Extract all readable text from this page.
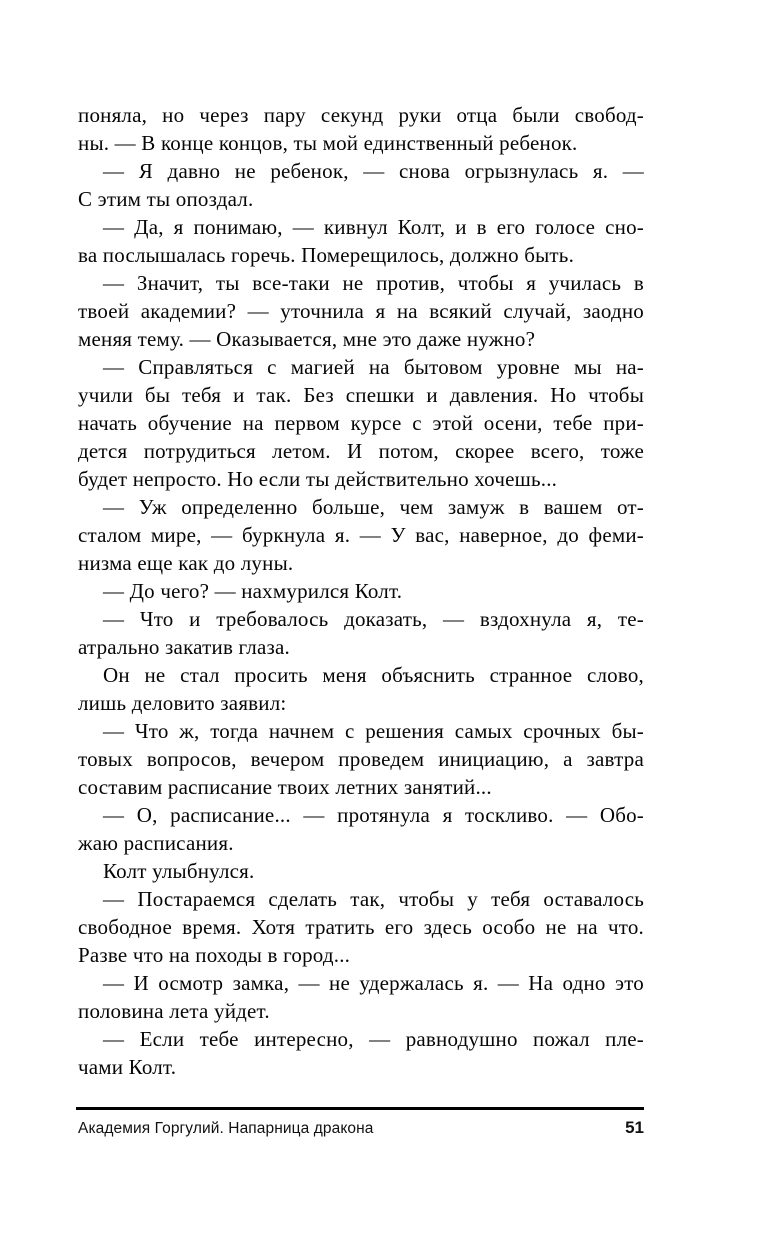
поняла, но через пару секунд руки отца были свобод-
ны. — В конце концов, ты мой единственный ребенок.
— Я давно не ребенок, — снова огрызнулась я. —
С этим ты опоздал.
— Да, я понимаю, — кивнул Колт, и в его голосе сно-
ва послышалась горечь. Померещилось, должно быть.
— Значит, ты все-таки не против, чтобы я училась в
твоей академии? — уточнила я на всякий случай, заодно
меняя тему. — Оказывается, мне это даже нужно?
— Справляться с магией на бытовом уровне мы на-
учили бы тебя и так. Без спешки и давления. Но чтобы
начать обучение на первом курсе с этой осени, тебе при-
дется потрудиться летом. И потом, скорее всего, тоже
будет непросто. Но если ты действительно хочешь...
— Уж определенно больше, чем замуж в вашем от-
сталом мире, — буркнула я. — У вас, наверное, до феми-
низма еще как до луны.
— До чего? — нахмурился Колт.
— Что и требовалось доказать, — вздохнула я, те-
атрально закатив глаза.
Он не стал просить меня объяснить странное слово,
лишь деловито заявил:
— Что ж, тогда начнем с решения самых срочных бы-
товых вопросов, вечером проведем инициацию, а завтра
составим расписание твоих летних занятий...
— О, расписание... — протянула я тоскливо. — Обо-
жаю расписания.
Колт улыбнулся.
— Постараемся сделать так, чтобы у тебя оставалось
свободное время. Хотя тратить его здесь особо не на что.
Разве что на походы в город...
— И осмотр замка, — не удержалась я. — На одно это
половина лета уйдет.
— Если тебе интересно, — равнодушно пожал пле-
чами Колт.
Академия Горгулий. Напарница дракона	51
